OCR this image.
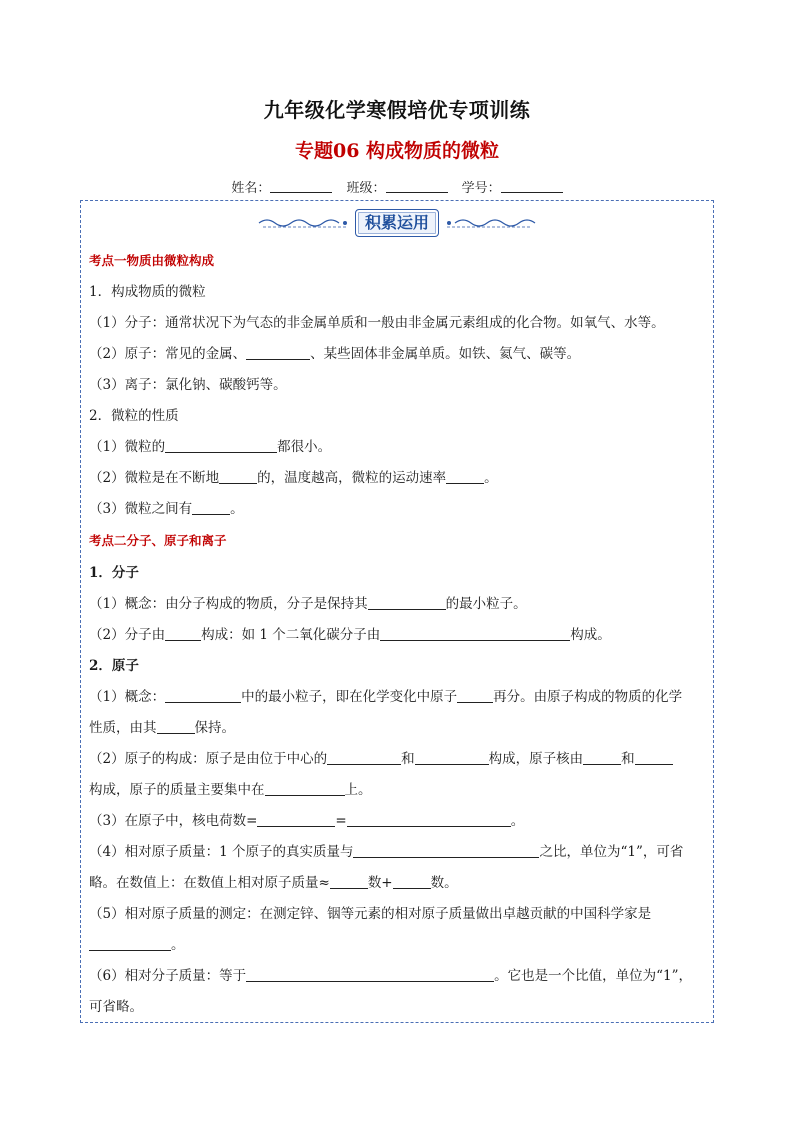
九年级化学寒假培优专项训练
专题06 构成物质的微粒
姓名：	班级：	学号：
积累运用
考点一物质由微粒构成
1．构成物质的微粒
（1）分子：通常状况下为气态的非金属单质和一般由非金属元素组成的化合物。如氧气、水等。
（2）原子：常见的金属、	、某些固体非金属单质。如铁、氦气、碳等。
（3）离子：氯化钠、碳酸钙等。
2．微粒的性质
（1）微粒的	都很小。
（2）微粒是在不断地	的，温度越高，微粒的运动速率	。
（3）微粒之间有	。
考点二分子、原子和离子
1．分子
（1）概念：由分子构成的物质，分子是保持其	的最小粒子。
（2）分子由	构成：如 1 个二氧化碳分子由	构成。
2．原子
（1）概念：	中的最小粒子，即在化学变化中原子	再分。由原子构成的物质的化学
性质，由其	保持。
（2）原子的构成：原子是由位于中心的	和	构成，原子核由	和
构成，原子的质量主要集中在	上。
（3）在原子中，核电荷数=	=	。
（4）相对原子质量：1 个原子的真实质量与	之比，单位为“1”，可省
略。在数值上：在数值上相对原子质量≈	数+	数。
（5）相对原子质量的测定：在测定锌、铟等元素的相对原子质量做出卓越贡献的中国科学家是
。
（6）相对分子质量：等于	。它也是一个比值，单位为“1”，
可省略。
